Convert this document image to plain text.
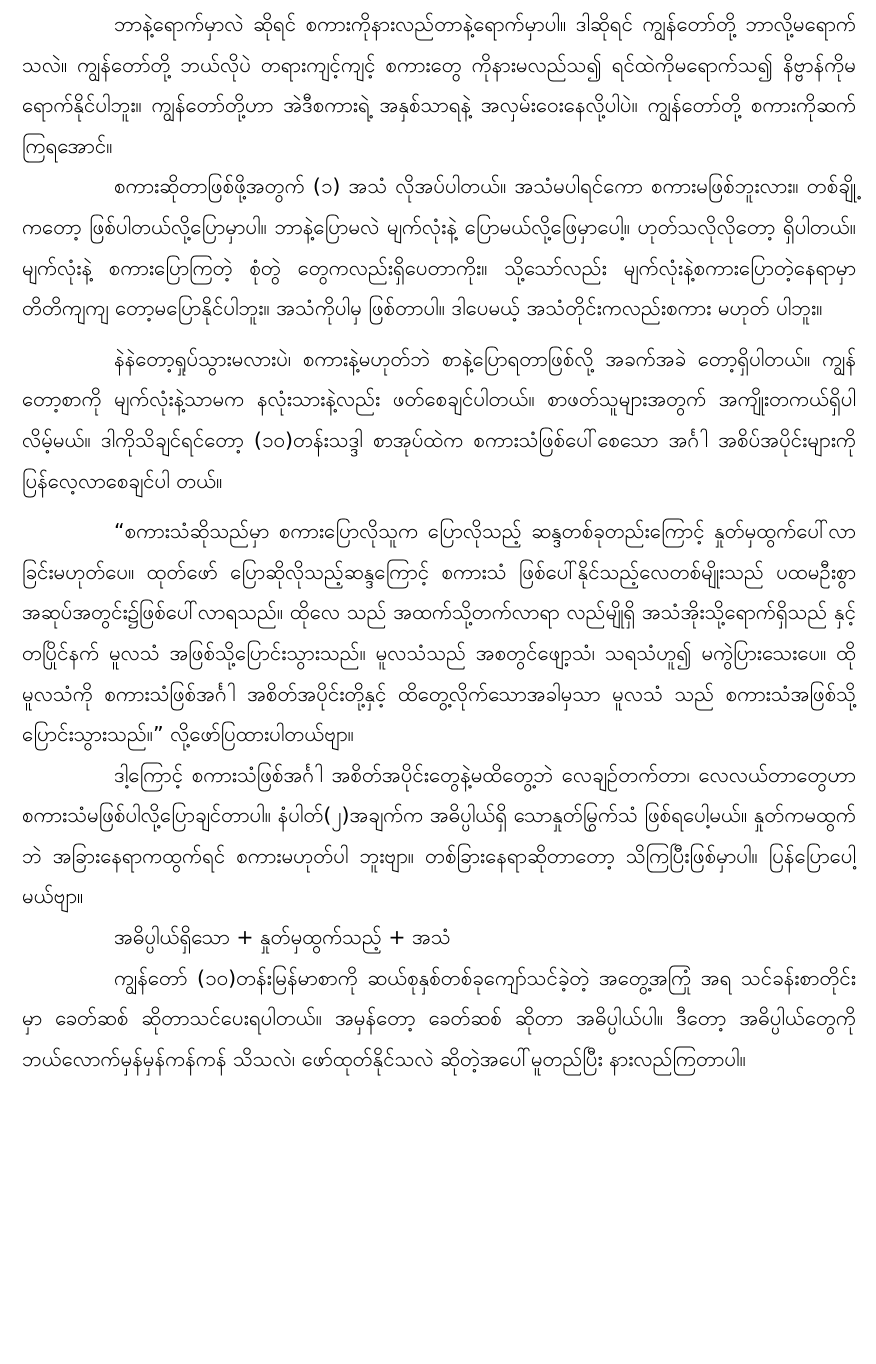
ဘာနဲ့ရောက်မှာလဲ ဆိုရင် စကားကိုနားလည်တာနဲ့ရောက်မှာပါ။ ဒါဆိုရင် ကျွန်တော်တို့ ဘာလို့မရောက်သလဲ။ ကျွန်တော်တို့ ဘယ်လိုပဲ တရားကျင့်ကျင့် စကားတွေ ကိုနားမလည်သ၍ ရင်ထဲကိုမရောက်သ၍ နိဗ္ဗာန်ကိုမရောက်နိုင်ပါဘူး။ ကျွန်တော်တို့ဟာ အဲဒီစကားရဲ့ အနှစ်သာရနဲ့ အလှမ်းဝေးနေလို့ပါပဲ။ ကျွန်တော်တို့ စကားကိုဆက်ကြရအောင်။

စကားဆိုတာဖြစ်ဖို့အတွက် (၁) အသံ လိုအပ်ပါတယ်။ အသံမပါရင်ကော စကားမဖြစ်ဘူးလား။ တစ်ချို့ကတော့ ဖြစ်ပါတယ်လို့ပြောမှာပါ။ ဘာနဲ့ပြောမလဲ မျက်လုံးနဲ့ ပြောမယ်လို့ဖြေမှာပေါ့။ ဟုတ်သလိုလိုတော့ ရှိပါတယ်။ မျက်လုံးနဲ့ စကားပြောကြတဲ့ စုံတွဲ တွေကလည်းရှိပေတာကိုး။ သို့သော်လည်း မျက်လုံးနဲ့စကားပြောတဲ့နေရာမှာ တိတိကျကျ တော့မပြောနိုင်ပါဘူး။ အသံကိုပါမှ ဖြစ်တာပါ။ ဒါပေမယ့် အသံတိုင်းကလည်းစကား မဟုတ် ပါဘူး။

နဲနဲတော့ရှုပ်သွားမလားပဲ၊ စကားနဲ့မဟုတ်ဘဲ စာနဲ့ပြောရတာဖြစ်လို့ အခက်အခဲ တော့ရှိပါတယ်။ ကျွန်တော့စာကို မျက်လုံးနဲ့သာမက နလုံးသားနဲ့လည်း ဖတ်စေချင်ပါတယ်။ စာဖတ်သူများအတွက် အကျိုးတကယ်ရှိပါလိမ့်မယ်။ ဒါကိုသိချင်ရင်တော့ (၁၀)တန်းသဒ္ဒါ စာအုပ်ထဲက စကားသံဖြစ်ပေါ်စေသော အင်္ဂါ အစိပ်အပိုင်းများကို ပြန်လေ့လာစေချင်ပါ တယ်။

“စကားသံဆိုသည်မှာ စကားပြောလိုသူက ပြောလိုသည့် ဆန္ဒတစ်ခုတည်းကြောင့် နှုတ်မှထွက်ပေါ်လာခြင်းမဟုတ်ပေ။ ထုတ်ဖော် ပြောဆိုလိုသည့်ဆန္ဒကြောင့် စကားသံ ဖြစ်ပေါ်နိုင်သည့်လေတစ်မျိုးသည် ပထမဦးစွာ အဆုပ်အတွင်း၌ဖြစ်ပေါ်လာရသည်။ ထိုလေ သည် အထက်သို့တက်လာရာ လည်မျိုရှိ အသံအိုးသို့ရောက်ရှိသည် နှင့်တပြိုင်နက် မူလသံ အဖြစ်သို့ပြောင်းသွားသည်။ မူလသံသည် အစတွင်ဖျော့သံ၊ သရသံဟူ၍ မကွဲပြားသေးပေ။ ထိုမူလသံကို စကားသံဖြစ်အင်္ဂါ အစိတ်အပိုင်းတို့နှင့် ထိတွေ့လိုက်သောအခါမှသာ မူလသံ သည် စကားသံအဖြစ်သို့ပြောင်းသွားသည်။” လို့ဖော်ပြထားပါတယ်ဗျာ။

ဒါ့ကြောင့် စကားသံဖြစ်အင်္ဂါ အစိတ်အပိုင်းတွေနဲ့မထိတွေ့ဘဲ လေချဉ်တက်တာ၊ လေလယ်တာတွေဟာ စကားသံမဖြစ်ပါလို့ပြောချင်တာပါ။ နံပါတ်(၂)အချက်က အဓိပ္ပါယ်ရှိ သောနှုတ်မြွက်သံ ဖြစ်ရပေါ့မယ်။ နှုတ်ကမထွက်ဘဲ အခြားနေရာကထွက်ရင် စကားမဟုတ်ပါ ဘူးဗျာ။ တစ်ခြားနေရာဆိုတာတော့ သိကြပြီးဖြစ်မှာပါ။ ပြန်ပြောပေါ့မယ်ဗျာ။

အဓိပ္ပါယ်ရှိသော + နှုတ်မှထွက်သည့် + အသံ

ကျွန်တော် (၁၀)တန်းမြန်မာစာကို ဆယ်စုနှစ်တစ်ခုကျော်သင်ခဲ့တဲ့ အတွေ့အကြုံ အရ သင်ခန်းစာတိုင်းမှာ ခေတ်ဆစ် ဆိုတာသင်ပေးရပါတယ်။ အမှန်တော့ ခေတ်ဆစ် ဆိုတာ အဓိပ္ပါယ်ပါ။ ဒီတော့ အဓိပ္ပါယ်တွေကို ဘယ်လောက်မှန်မှန်ကန်ကန် သိသလဲ၊ ဖော်ထုတ်နိုင်သလဲ ဆိုတဲ့အပေါ်မူတည်ပြီး နားလည်ကြတာပါ။
